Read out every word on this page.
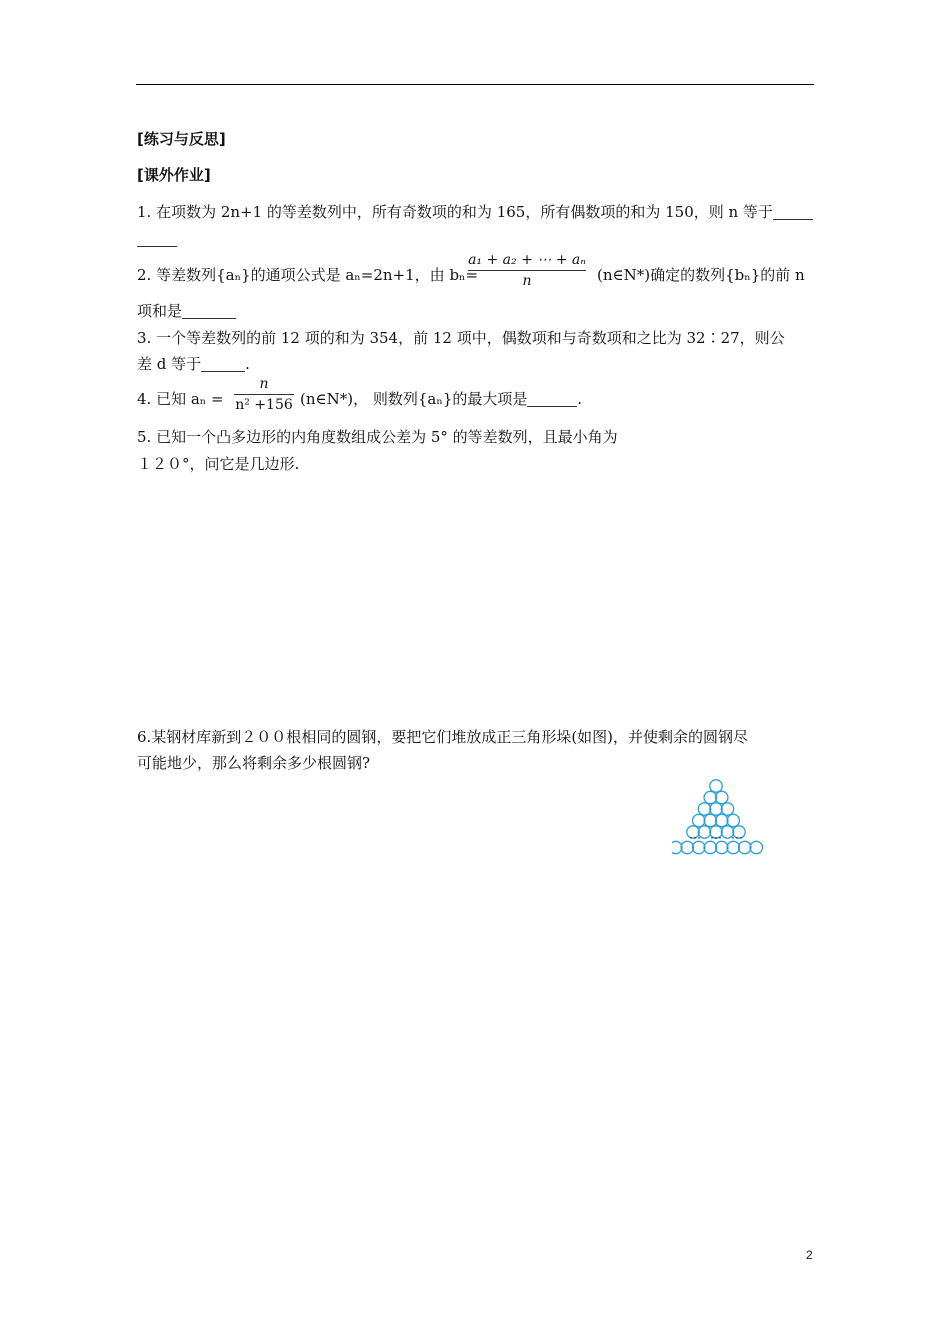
[练习与反思]
[课外作业]
1. 在项数为 2n+1 的等差数列中，所有奇数项的和为 165，所有偶数项的和为 150，则 n 等于
2. 等差数列{aₙ}的通项公式是 aₙ=2n+1，由 bₙ=
a₁ + a₂ + ⋯ + aₙ
n	(n∈N*)确定的数列{bₙ}的前 n
项和是
3. 一个等差数列的前 12 项的和为 354，前 12 项中，偶数项和与奇数项和之比为 32∶27，则公
差 d 等于	.
4. 已知 aₙ =
n
n² +156 (n∈N*)， 则数列{aₙ}的最大项是	.
5. 已知一个凸多边形的内角度数组成公差为 5° 的等差数列，且最小角为
１２０°，问它是几边形.
6.某钢材库新到２００根相同的圆钢，要把它们堆放成正三角形垛(如图)，并使剩余的圆钢尽
可能地少，那么将剩余多少根圆钢?
⋯ ⋯ ⋯
2
